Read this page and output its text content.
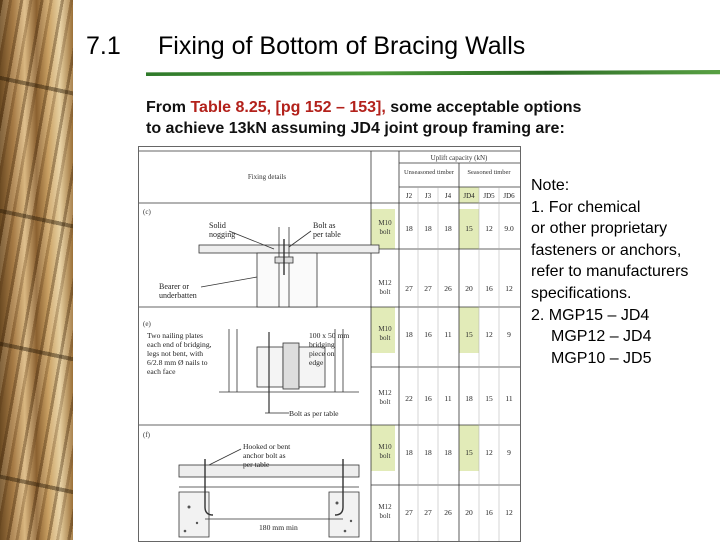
7.1 Fixing of Bottom of Bracing Walls
From Table 8.25, [pg 152 – 153], some acceptable options
to achieve 13kN assuming JD4 joint group framing are:
Fixing details
Uplift capacity (kN)
Unseasoned timber Seasoned timber
J2 J3 J4 JD4 JD5 JD6
M10
bolt 18 18 18 15 12 9.0
M12
bolt 27 27 26 20 16 12
M10
bolt 18 16 11 15 12 9
M12
bolt 22 16 11 18 15 11
M10
bolt 18 18 18 15 12 9
M12
bolt 27 27 26 20 16 12
(c)
(e)
(f)
Solid
nogging
Bolt as
per table
Bearer or
underbatten
Two nailing plates
each end of bridging,
legs not bent, with
6/2.8 mm Ø nails to
each face
100 x 50 mm
bridging
piece on
edge
Bolt as per table
Hooked or bent
anchor bolt as
per table
180 mm min
Note:
1. For chemical
or other proprietary
fasteners or anchors,
refer to manufacturers
specifications.
2. MGP15 – JD4
MGP12 – JD4
MGP10 – JD5
